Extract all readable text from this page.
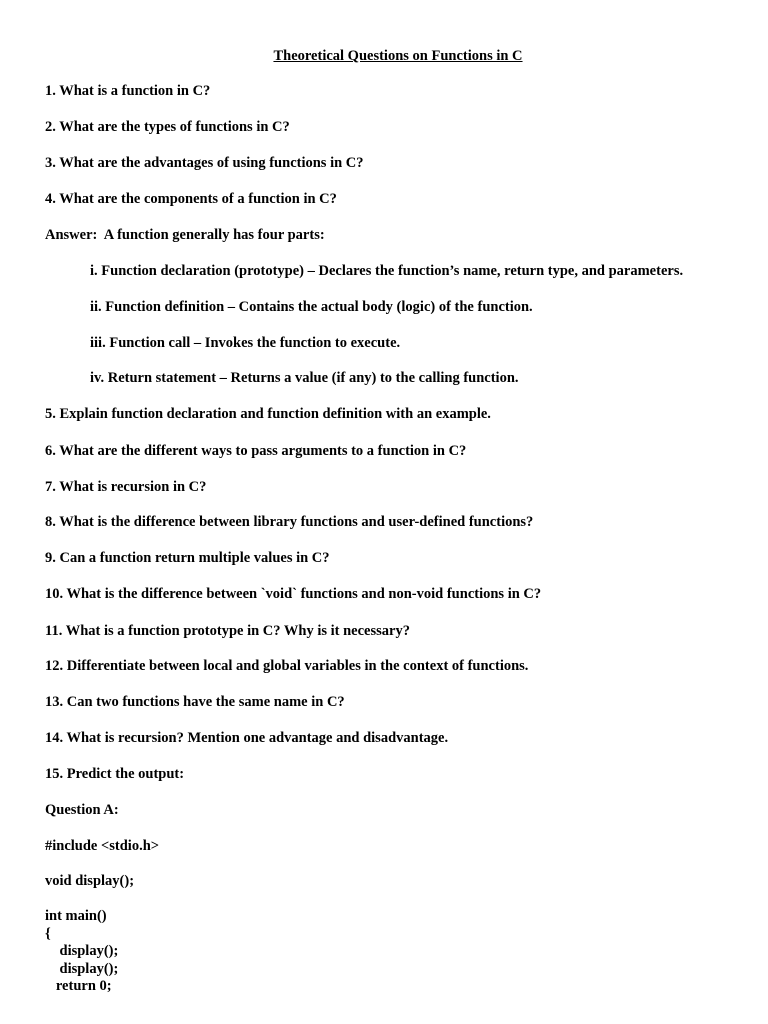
Theoretical Questions on Functions in C
1. What is a function in C?
2. What are the types of functions in C?
3. What are the advantages of using functions in C?
4. What are the components of a function in C?
Answer:  A function generally has four parts:
i. Function declaration (prototype) – Declares the function’s name, return type, and parameters.
ii. Function definition – Contains the actual body (logic) of the function.
iii. Function call – Invokes the function to execute.
iv. Return statement – Returns a value (if any) to the calling function.
5. Explain function declaration and function definition with an example.
6. What are the different ways to pass arguments to a function in C?
7. What is recursion in C?
8. What is the difference between library functions and user-defined functions?
9. Can a function return multiple values in C?
10. What is the difference between `void` functions and non-void functions in C?
11. What is a function prototype in C? Why is it necessary?
12. Differentiate between local and global variables in the context of functions.
13. Can two functions have the same name in C?
14. What is recursion? Mention one advantage and disadvantage.
15. Predict the output:
Question A:
#include <stdio.h>
void display();
int main()
{
display();
display();
return 0;
